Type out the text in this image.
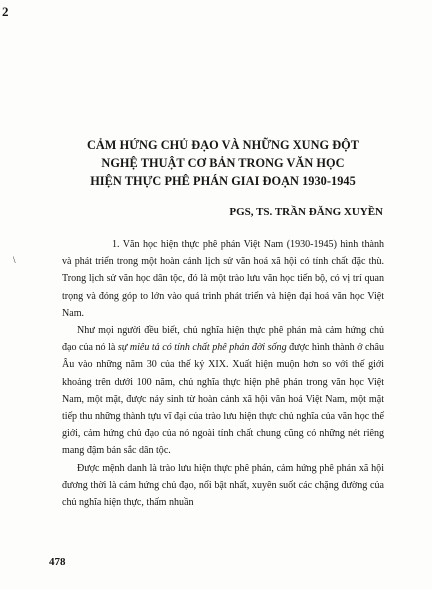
2
CẢM HỨNG CHỦ ĐẠO VÀ NHỮNG XUNG ĐỘT
NGHỆ THUẬT CƠ BẢN TRONG VĂN HỌC
HIỆN THỰC PHÊ PHÁN GIAI ĐOẠN 1930-1945
PGS, TS. TRẦN ĐĂNG XUYỀN
\

1. Văn học hiện thực phê phán Việt Nam (1930-1945) hình thành và phát triển trong một hoàn cảnh lịch sử văn hoá xã hội có tính chất đặc thù. Trong lịch sử văn học dân tộc, đó là một trào lưu văn học tiến bộ, có vị trí quan trọng và đóng góp to lớn vào quá trình phát triển và hiện đại hoá văn học Việt Nam.

Như mọi người đều biết, chủ nghĩa hiện thực phê phán mà cảm hứng chủ đạo của nó là sự miêu tả có tính chất phê phán đời sống được hình thành ở châu Âu vào những năm 30 của thế kỷ XIX. Xuất hiện muộn hơn so với thế giới khoảng trên dưới 100 năm, chủ nghĩa thực hiện phê phán trong văn học Việt Nam, một mặt, được nảy sinh từ hoàn cảnh xã hội văn hoá Việt Nam, một mặt tiếp thu những thành tựu vĩ đại của trào lưu hiện thực chủ nghĩa của văn học thế giới, cảm hứng chủ đạo của nó ngoài tính chất chung cũng có những nét riêng mang đậm bản sắc dân tộc.

Được mệnh danh là trào lưu hiện thực phê phán, cảm hứng phê phán xã hội đương thời là cảm hứng chủ đạo, nổi bật nhất, xuyên suốt các chặng đường của chủ nghĩa hiện thực, thấm nhuần

478
